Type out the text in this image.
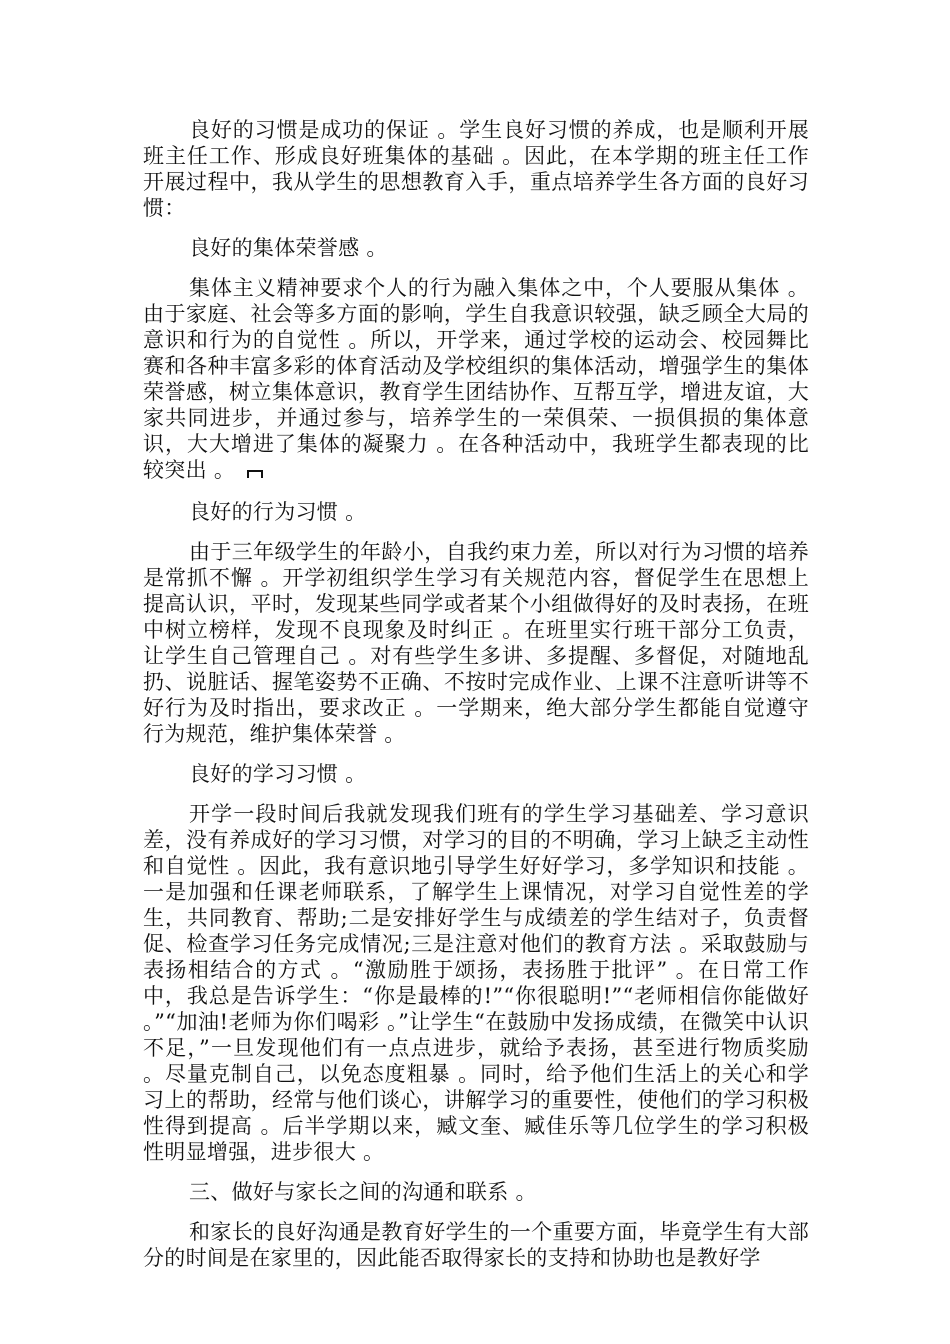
良好的习惯是成功的保证 。学生良好习惯的养成，也是顺利开展班主任工作、形成良好班集体的基础 。因此，在本学期的班主任工作开展过程中，我从学生的思想教育入手，重点培养学生各方面的良好习惯：

良好的集体荣誉感 。

集体主义精神要求个人的行为融入集体之中，个人要服从集体 。由于家庭、社会等多方面的影响，学生自我意识较强，缺乏顾全大局的意识和行为的自觉性 。所以，开学来，通过学校的运动会、校园舞比赛和各种丰富多彩的体育活动及学校组织的集体活动，增强学生的集体荣誉感，树立集体意识，教育学生团结协作、互帮互学，增进友谊，大家共同进步，并通过参与，培养学生的一荣俱荣、一损俱损的集体意识，大大增进了集体的凝聚力 。在各种活动中，我班学生都表现的比较突出 。

良好的行为习惯 。

由于三年级学生的年龄小，自我约束力差，所以对行为习惯的培养是常抓不懈 。开学初组织学生学习有关规范内容，督促学生在思想上提高认识，平时，发现某些同学或者某个小组做得好的及时表扬，在班中树立榜样，发现不良现象及时纠正 。在班里实行班干部分工负责，让学生自己管理自己 。对有些学生多讲、多提醒、多督促，对随地乱扔、说脏话、握笔姿势不正确、不按时完成作业、上课不注意听讲等不好行为及时指出，要求改正 。一学期来，绝大部分学生都能自觉遵守行为规范，维护集体荣誉 。

良好的学习习惯 。

开学一段时间后我就发现我们班有的学生学习基础差、学习意识差，没有养成好的学习习惯，对学习的目的不明确，学习上缺乏主动性和自觉性 。因此，我有意识地引导学生好好学习，多学知识和技能 。一是加强和任课老师联系，了解学生上课情况，对学习自觉性差的学生，共同教育、帮助;二是安排好学生与成绩差的学生结对子，负责督促、检查学习任务完成情况;三是注意对他们的教育方法 。采取鼓励与表扬相结合的方式 。“激励胜于颂扬，表扬胜于批评” 。在日常工作中，我总是告诉学生：“你是最棒的!”“你很聪明!”“老师相信你能做好 。”“加油!老师为你们喝彩 。”让学生“在鼓励中发扬成绩，在微笑中认识不足，”一旦发现他们有一点点进步，就给予表扬，甚至进行物质奖励 。尽量克制自己，以免态度粗暴 。同时，给予他们生活上的关心和学习上的帮助，经常与他们谈心，讲解学习的重要性，使他们的学习积极性得到提高 。后半学期以来，臧文奎、臧佳乐等几位学生的学习积极性明显增强，进步很大 。

三、做好与家长之间的沟通和联系 。

和家长的良好沟通是教育好学生的一个重要方面，毕竟学生有大部分的时间是在家里的，因此能否取得家长的支持和协助也是教好学
